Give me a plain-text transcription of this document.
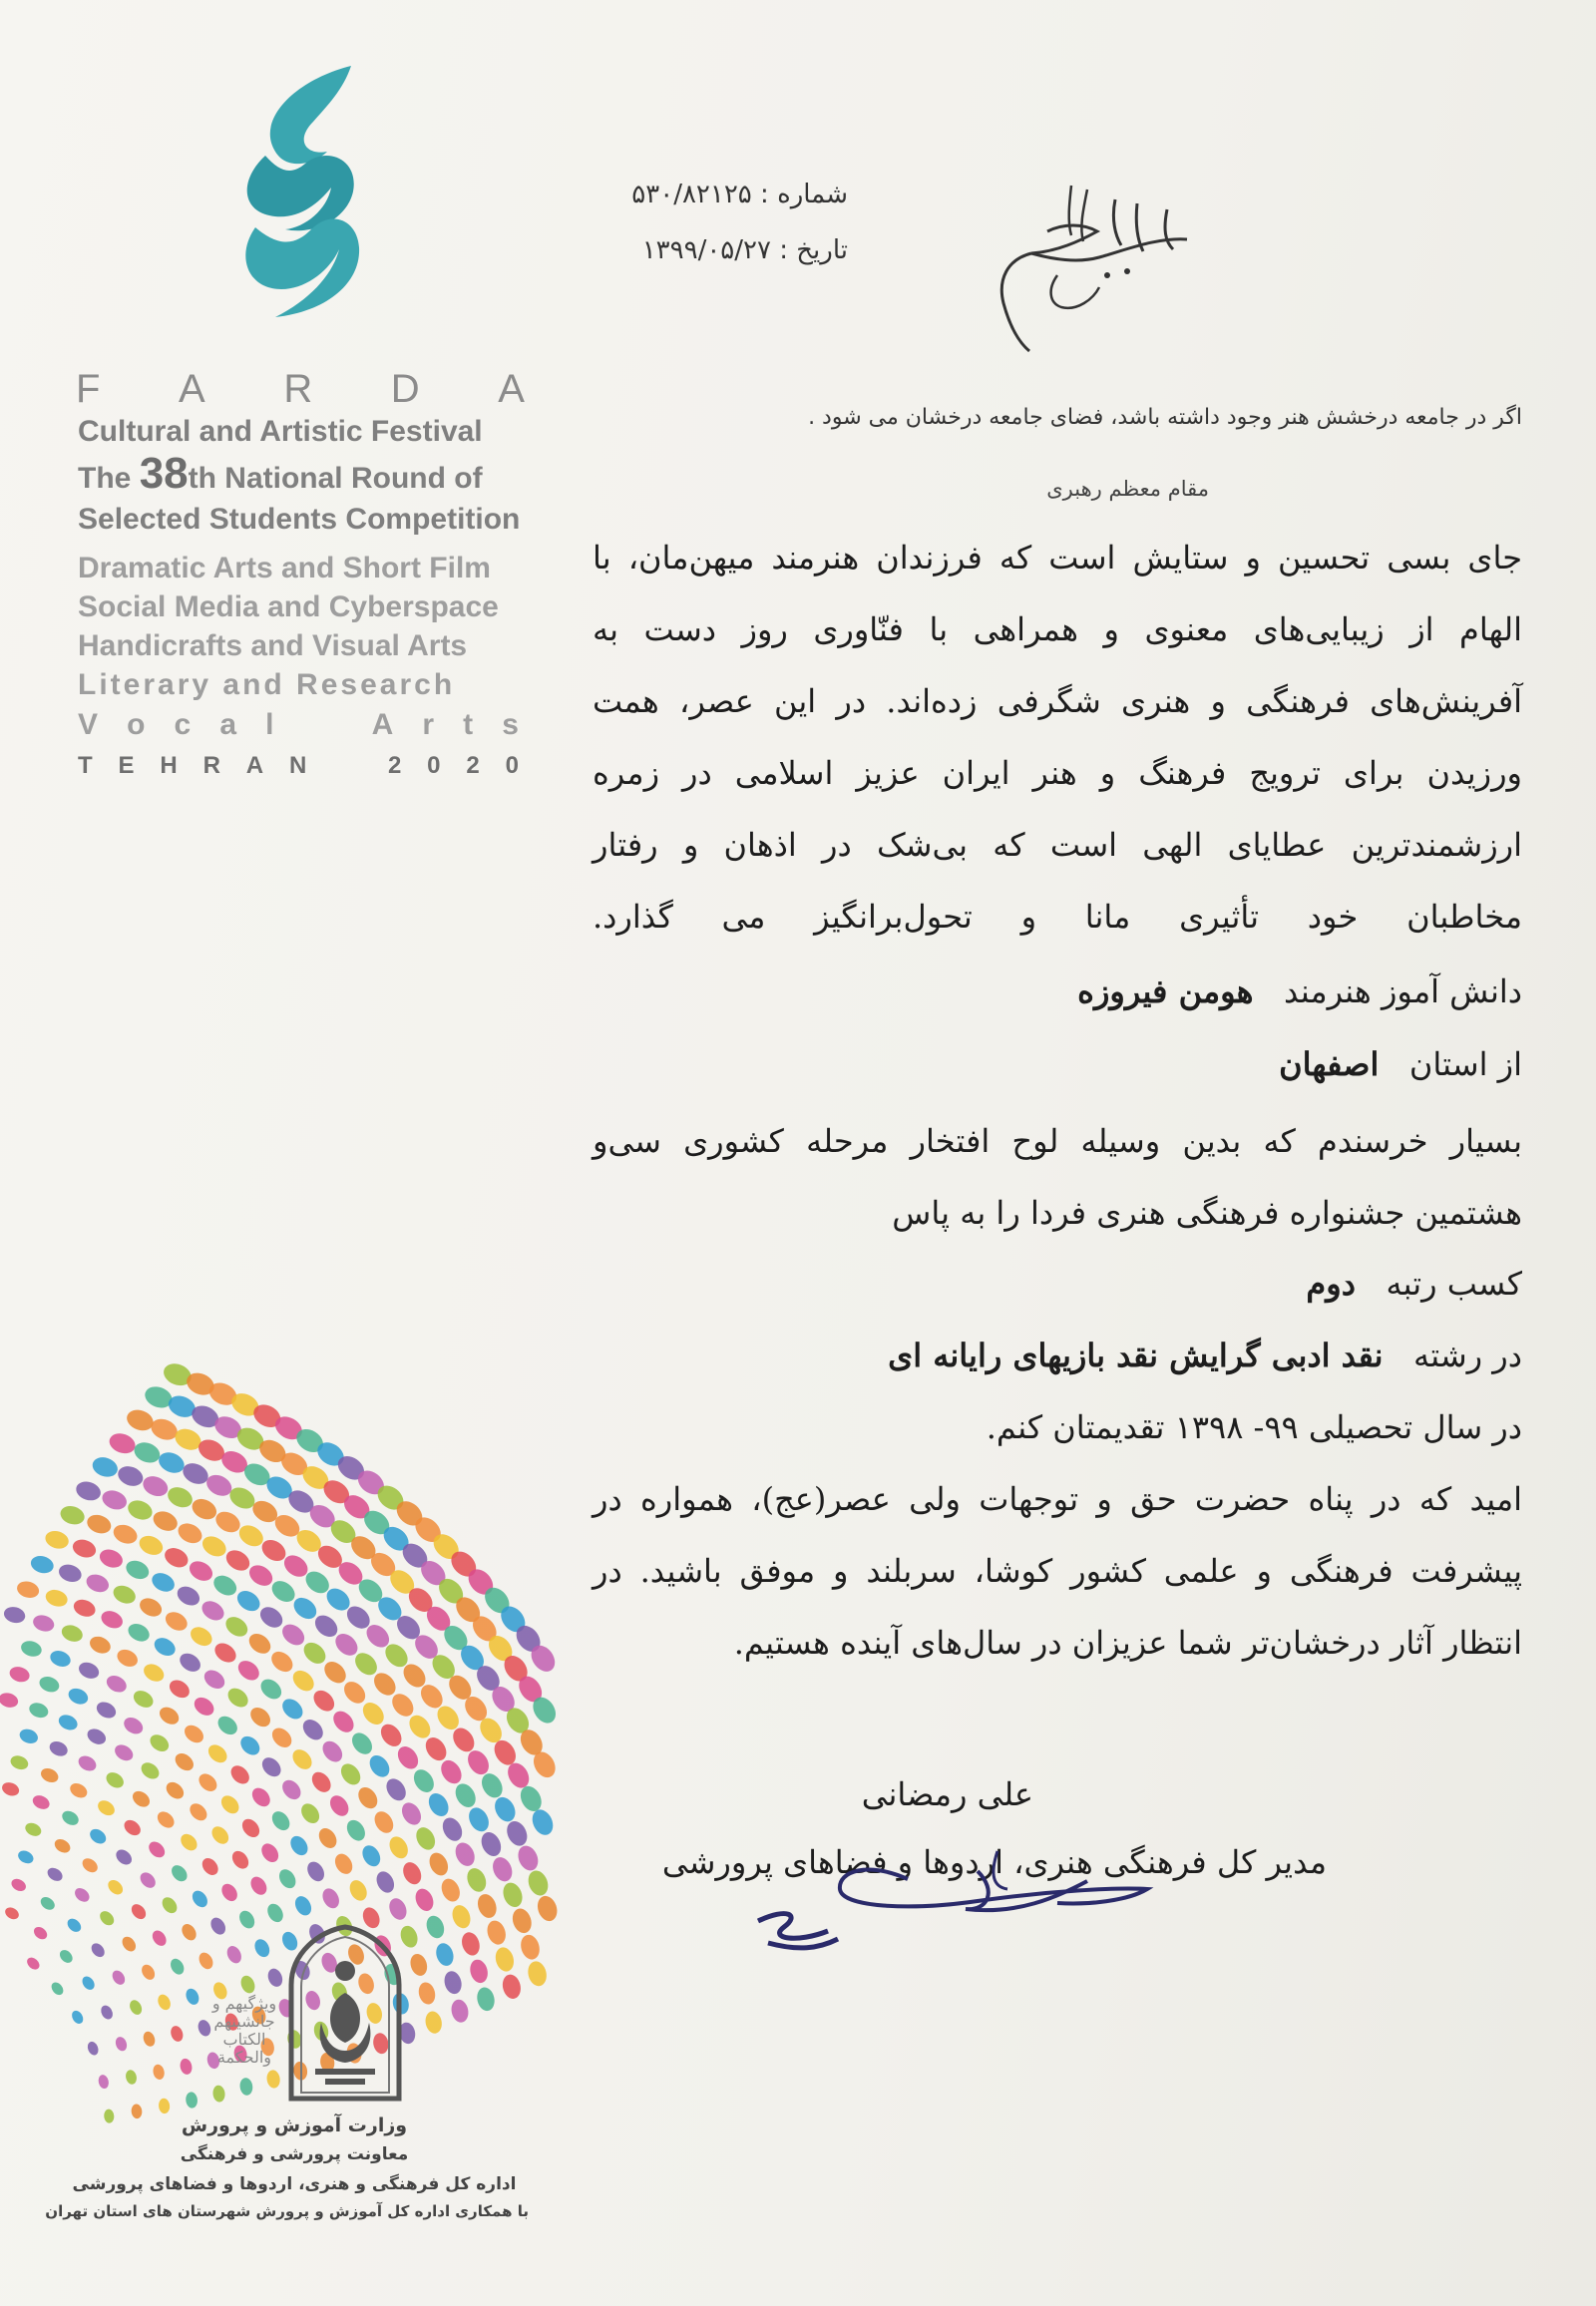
F A R D A
Cultural and Artistic Festival
The 38th National Round of
Selected Students Competition
Dramatic Arts and Short Film
Social Media and Cyberspace
Handicrafts and Visual Arts
Literary and Research
V o c a l	A r t s
T E H R A N	2 0 2 0
ویژگیهم و جانشینهم الکتاب والحکمة
وزارت آموزش و پرورش
معاونت پرورشی و فرهنگی
اداره کل فرهنگی و هنری، اردوها و فضاهای پرورشی
با همکاری اداره کل آموزش و پرورش شهرستان های استان تهران
شماره : ۵۳۰/۸۲۱۲۵
تاریخ : ۱۳۹۹/۰۵/۲۷
اگر در جامعه درخشش هنر وجود داشته باشد، فضای جامعه درخشان می شود .
مقام معظم رهبری
جای بسی تحسین و ستایش است که فرزندان هنرمند میهن‌مان، با
الهام از زیبایی‌های معنوی و همراهی با فنّاوری روز دست به
آفرینش‌های فرهنگی و هنری شگرفی زده‌اند. در این عصر، همت
ورزیدن برای ترویج فرهنگ و هنر ایران عزیز اسلامی در زمره
ارزشمندترین عطایای الهی است که بی‌شک در اذهان و رفتار
مخاطبان خود تأثیری مانا و تحول‌برانگیز می گذارد.
دانش آموز هنرمند   هومن فیروزه
از استان   اصفهان
بسیار خرسندم که بدین وسیله لوح افتخار مرحله کشوری سی‌و
هشتمین جشنواره فرهنگی هنری فردا را به پاس
کسب رتبه   دوم
در رشته   نقد ادبی گرایش نقد بازیهای رایانه ای
در سال تحصیلی ۹۹- ۱۳۹۸ تقدیمتان کنم.
امید که در پناه حضرت حق و توجهات ولی عصر(عج)، همواره در
پیشرفت فرهنگی و علمی کشور کوشا، سربلند و موفق باشید. در
انتظار آثار درخشان‌تر شما عزیزان در سال‌های آینده هستیم.
علی رمضانی
مدیر کل فرهنگی هنری، اردوها و فضاهای پرورشی
